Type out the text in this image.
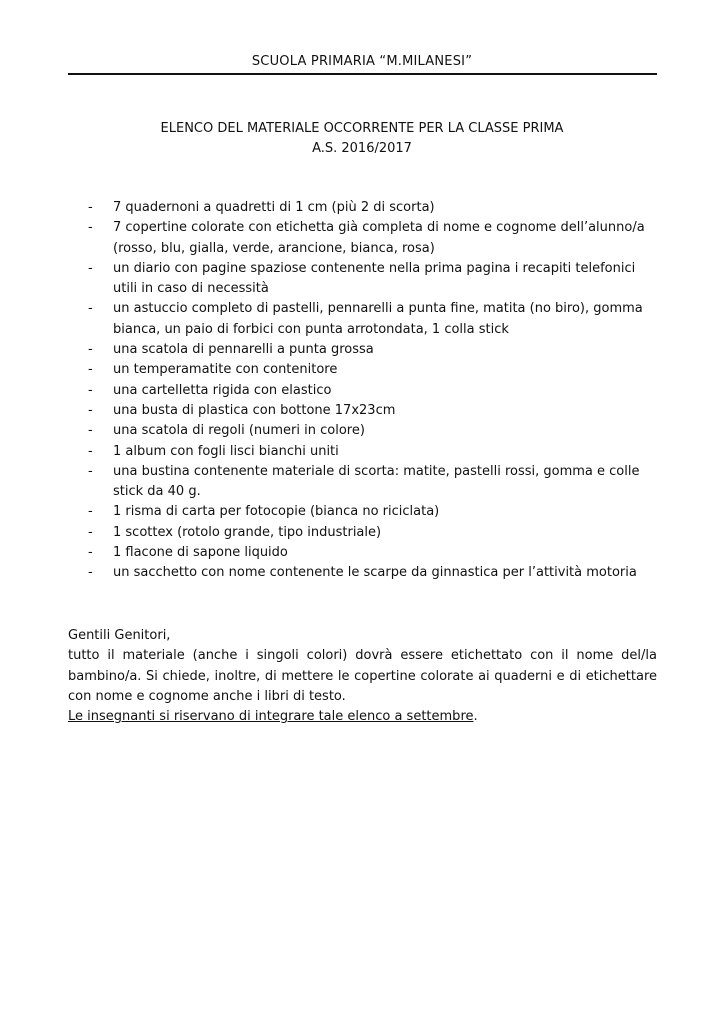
SCUOLA PRIMARIA “M.MILANESI”
ELENCO DEL MATERIALE OCCORRENTE PER LA CLASSE PRIMA
A.S. 2016/2017
- 7 quadernoni a quadretti di 1 cm (più 2 di scorta)
- 7 copertine colorate con etichetta già completa di nome e cognome dell’alunno/a (rosso, blu, gialla, verde, arancione, bianca, rosa)
- un diario con pagine spaziose contenente nella prima pagina i recapiti telefonici utili in caso di necessità
- un astuccio completo di pastelli, pennarelli a punta fine, matita (no biro), gomma bianca, un paio di forbici con punta arrotondata, 1 colla stick
- una scatola di pennarelli a punta grossa
- un temperamatite con contenitore
- una cartelletta rigida con elastico
- una busta di plastica con bottone 17x23cm
- una scatola di regoli (numeri in colore)
- 1 album con fogli lisci bianchi uniti
- una bustina contenente materiale di scorta: matite, pastelli rossi, gomma e colle stick da 40 g.
- 1 risma di carta per fotocopie (bianca no riciclata)
- 1 scottex (rotolo grande, tipo industriale)
- 1 flacone di sapone liquido
- un sacchetto con nome contenente le scarpe da ginnastica per l’attività motoria

Gentili Genitori,

tutto il materiale (anche i singoli colori) dovrà essere etichettato con il nome del/la bambino/a. Si chiede, inoltre, di mettere le copertine colorate ai quaderni e di etichettare con nome e cognome anche i libri di testo.

Le insegnanti si riservano di integrare tale elenco a settembre.
